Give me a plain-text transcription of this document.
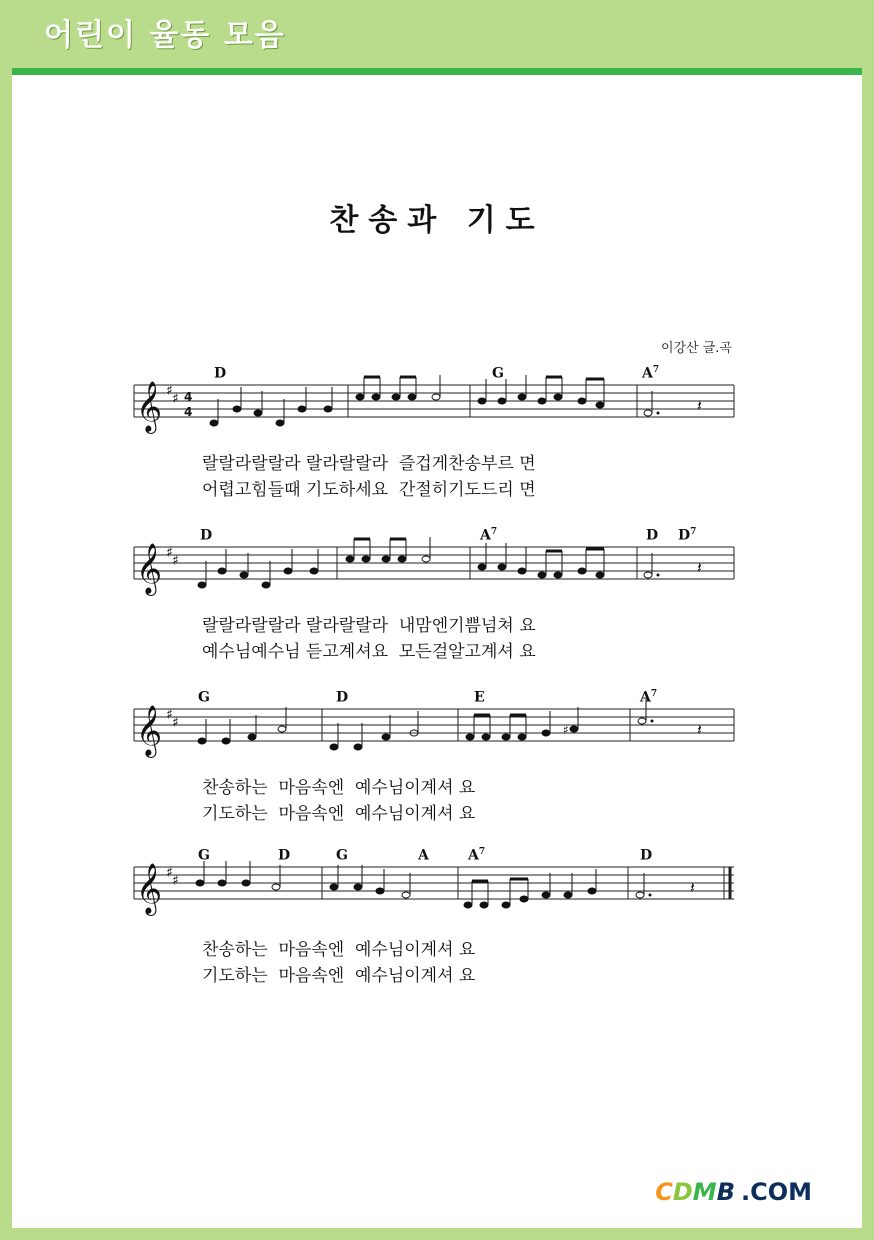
어린이 율동 모음
찬송과 기도
이강산 글.곡
𝄞 ♯ ♯ 4
4	𝄽
D	G	$A^7$
랄랄라랄랄라 랄라랄랄라  즐겁게찬송부르 면
어렵고힘들때 기도하세요  간절히기도드리 면
𝄞 ♯ ♯	𝄽
D	$A^7$	D $D^7$
랄랄라랄랄라 랄라랄랄라  내맘엔기쁨넘쳐 요
예수님예수님 듣고계셔요  모든걸알고계셔 요
𝄞 ♯ ♯	♯	𝄽
G	D	E	$A^7$
찬송하는  마음속엔  예수님이계셔 요
기도하는  마음속엔  예수님이계셔 요
𝄞 ♯ ♯	𝄽
G	D	G	A	$A^7$	D
찬송하는  마음속엔  예수님이계셔 요
기도하는  마음속엔  예수님이계셔 요
CDMB .COM
